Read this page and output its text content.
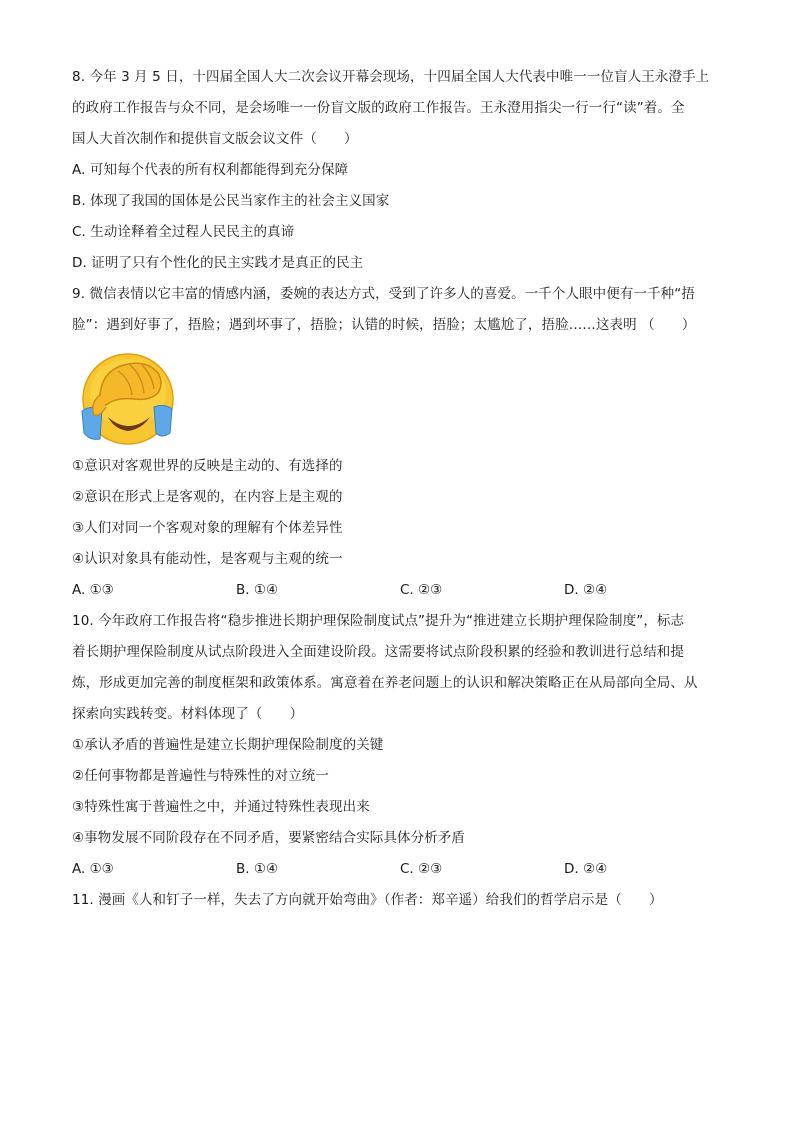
8. 今年 3 月 5 日，十四届全国人大二次会议开幕会现场，十四届全国人大代表中唯一一位盲人王永澄手上
的政府工作报告与众不同，是会场唯一一份盲文版的政府工作报告。王永澄用指尖一行一行“读”着。全
国人大首次制作和提供盲文版会议文件（　　）
A. 可知每个代表的所有权利都能得到充分保障
B. 体现了我国的国体是公民当家作主的社会主义国家
C. 生动诠释着全过程人民民主的真谛
D. 证明了只有个性化的民主实践才是真正的民主
9. 微信表情以它丰富的情感内涵，委婉的表达方式，受到了许多人的喜爱。一千个人眼中便有一千种“捂
脸”：遇到好事了，捂脸；遇到坏事了，捂脸；认错的时候，捂脸；太尴尬了，捂脸……这表明 （　　）
①意识对客观世界的反映是主动的、有选择的
②意识在形式上是客观的，在内容上是主观的
③人们对同一个客观对象的理解有个体差异性
④认识对象具有能动性，是客观与主观的统一
A. ①③	B. ①④	C. ②③	D. ②④
10. 今年政府工作报告将“稳步推进长期护理保险制度试点”提升为“推进建立长期护理保险制度”，标志
着长期护理保险制度从试点阶段进入全面建设阶段。这需要将试点阶段积累的经验和教训进行总结和提
炼，形成更加完善的制度框架和政策体系。寓意着在养老问题上的认识和解决策略正在从局部向全局、从
探索向实践转变。材料体现了（　　）
①承认矛盾的普遍性是建立长期护理保险制度的关键
②任何事物都是普遍性与特殊性的对立统一
③特殊性寓于普遍性之中，并通过特殊性表现出来
④事物发展不同阶段存在不同矛盾，要紧密结合实际具体分析矛盾
A. ①③	B. ①④	C. ②③	D. ②④
11. 漫画《人和钉子一样，失去了方向就开始弯曲》（作者：郑辛遥）给我们的哲学启示是（　　）
